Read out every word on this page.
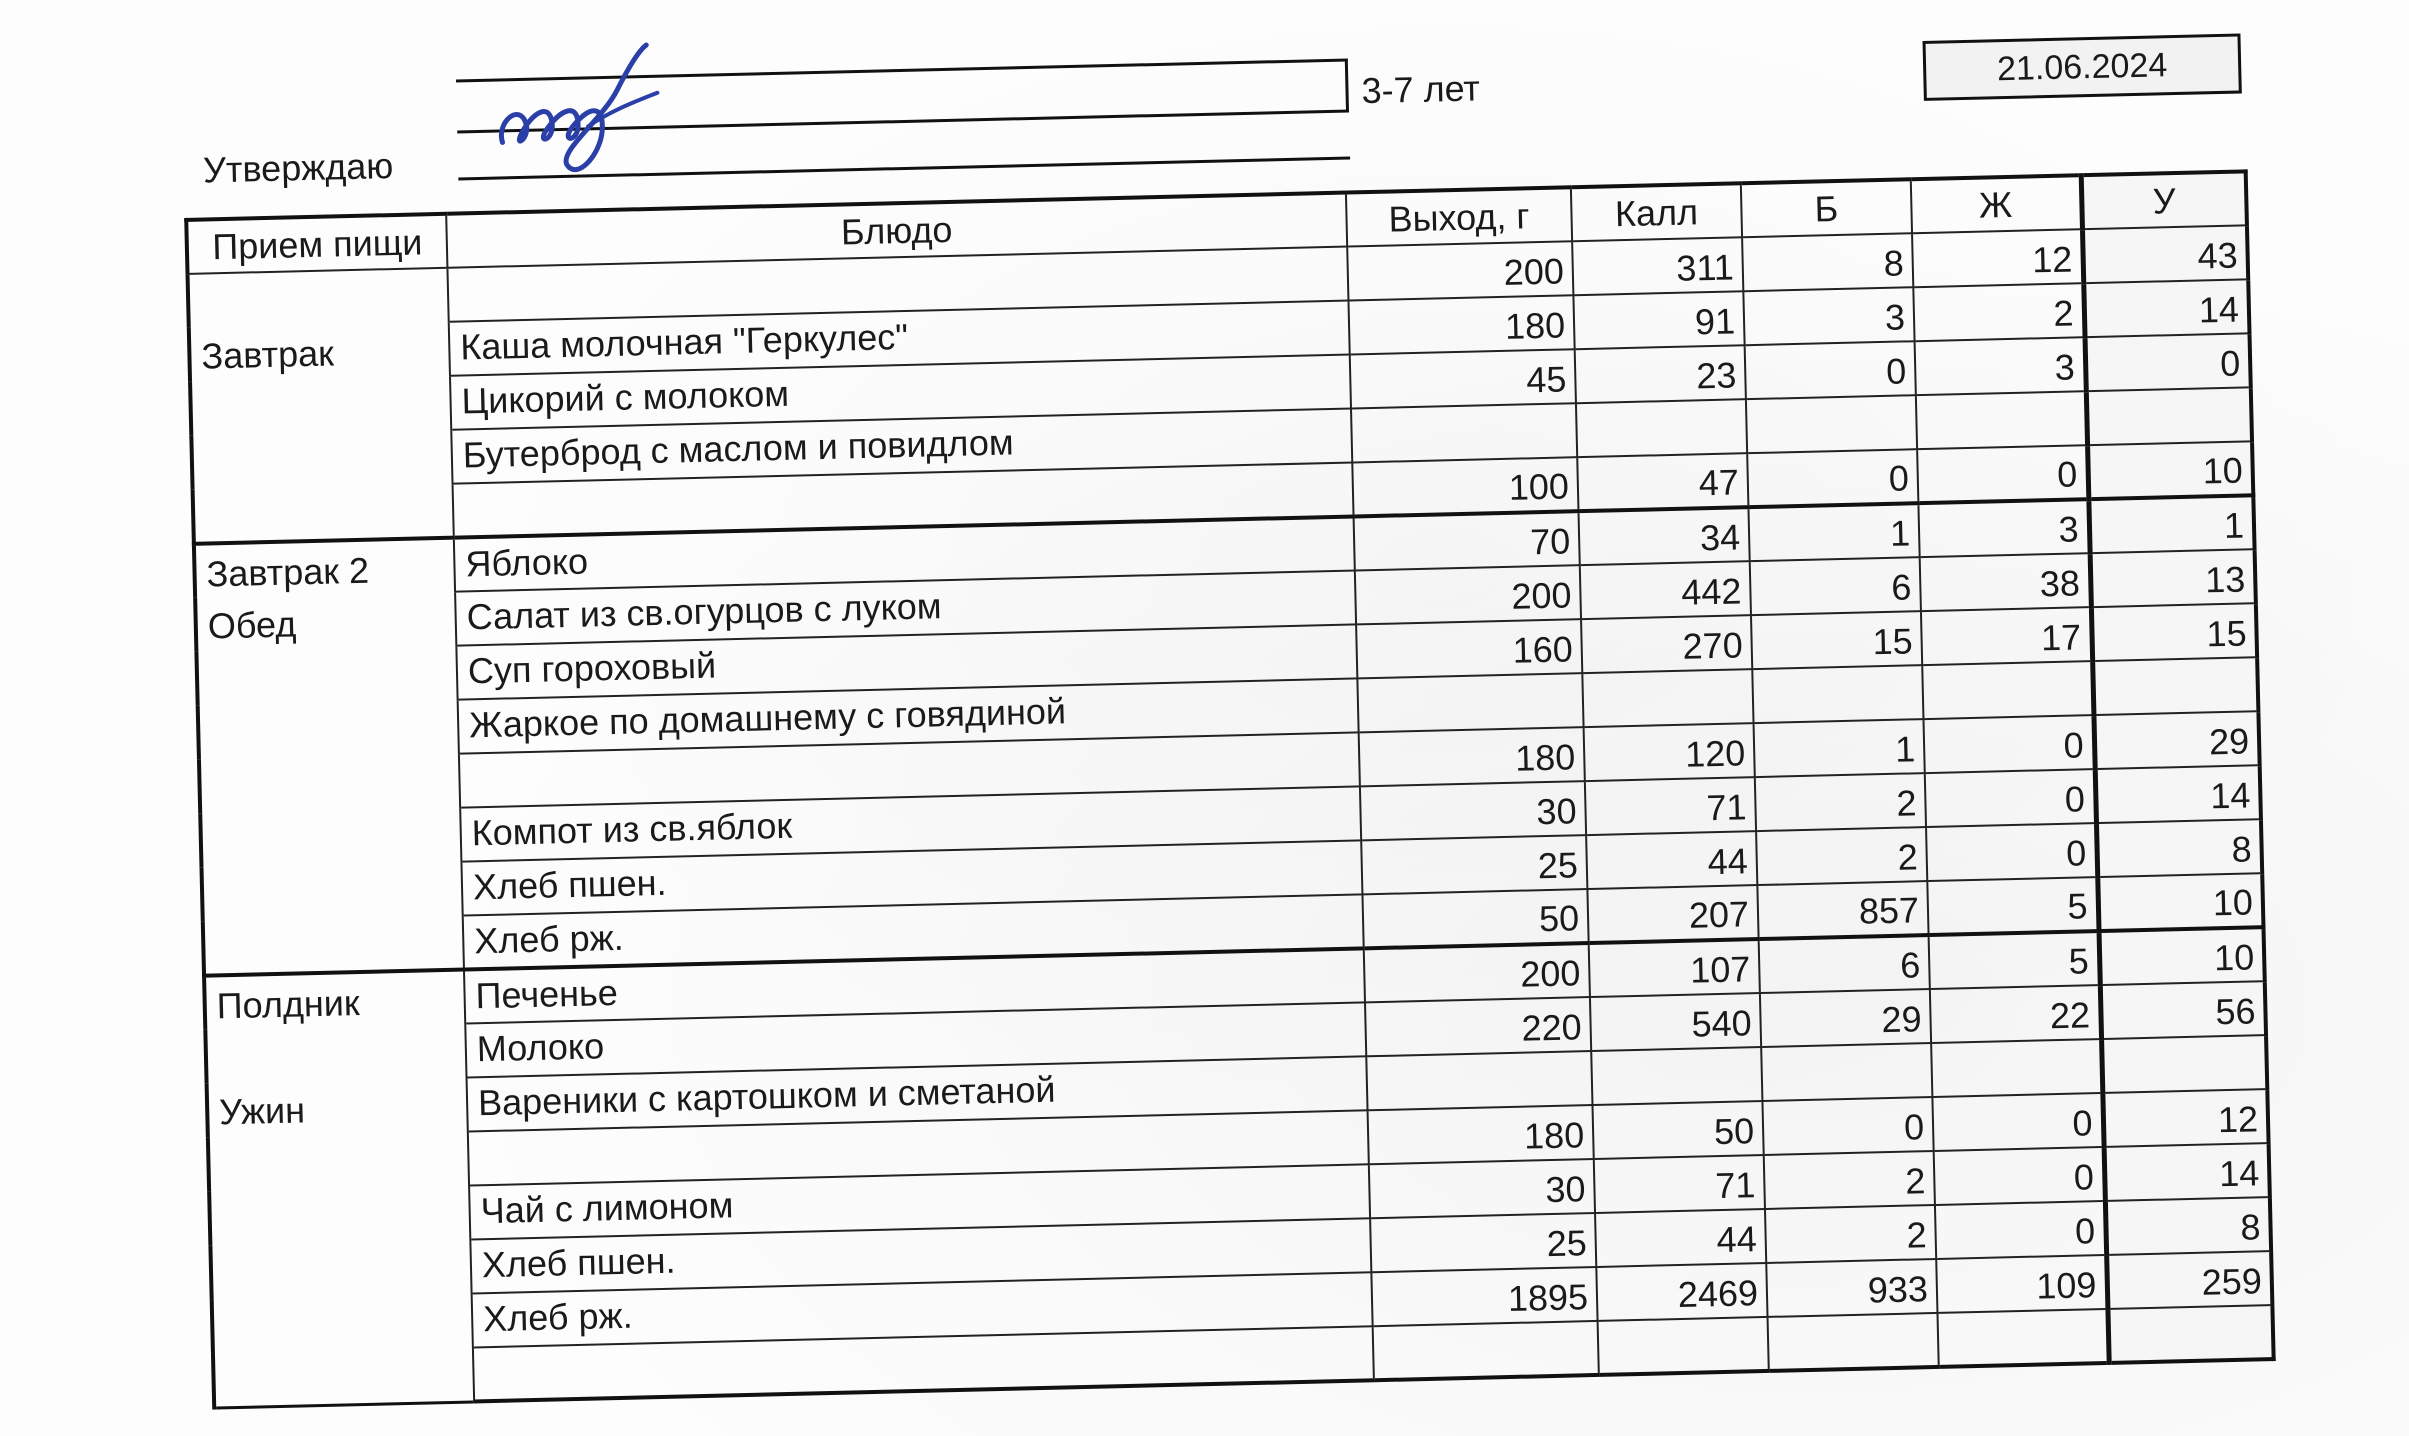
Утверждаю
3-7 лет
21.06.2024
Прием пищи	Блюдо	Выход, г	Калл	Б	Ж	У
		200	311	8	12	43
Завтрак	Каша молочная "Геркулес"	180	91	3	2	14
	Цикорий с молоком	45	23	0	3	0
	Бутерброд с маслом и повидлом					
		100	47	0	0	10
Завтрак 2	Яблоко	70	34	1	3	1
Обед	Салат из св.огурцов с луком	200	442	6	38	13
	Суп гороховый	160	270	15	17	15
	Жаркое по домашнему с говядиной					
		180	120	1	0	29
	Компот из св.яблок	30	71	2	0	14
	Хлеб пшен.	25	44	2	0	8
	Хлеб рж.	50	207	857	5	10
Полдник	Печенье	200	107	6	5	10
	Молоко	220	540	29	22	56
Ужин	Вареники с картошком и сметаной					
		180	50	0	0	12
	Чай с лимоном	30	71	2	0	14
	Хлеб пшен.	25	44	2	0	8
	Хлеб рж.	1895	2469	933	109	259
